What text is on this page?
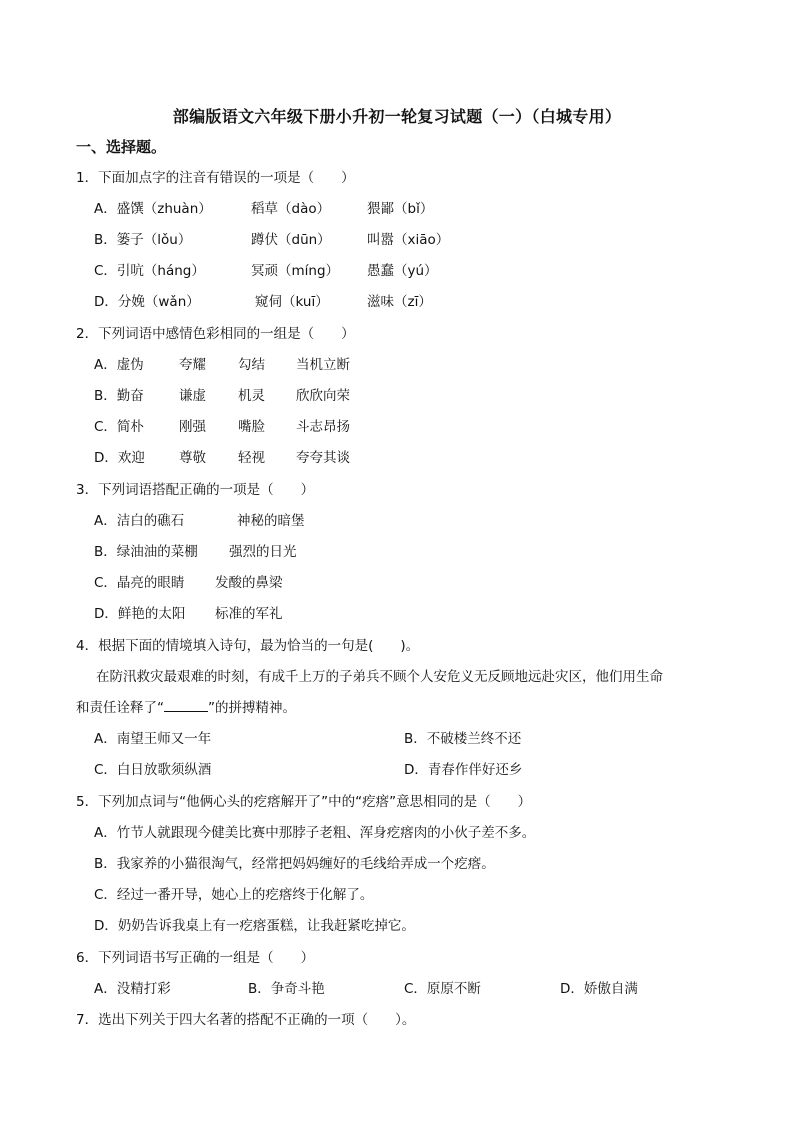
部编版语文六年级下册小升初一轮复习试题（一）（白城专用）
一、选择题。
1．下面加点字的注音有错误的一项是（　　）
A．盛馔（zhuàn）	稻草（dào）	猥鄙（bǐ）
B．篓子（lǒu）	蹲伏（dūn）	叫嚣（xiāo）
C．引吭（háng）	冥顽（míng） 愚蠢（yú）
D．分娩（wǎn）	窥伺（kuī）	滋味（zī）
2．下列词语中感情色彩相同的一组是（　　）
A．虚伪	夸耀 勾结 当机立断
B．勤奋	谦虚 机灵 欣欣向荣
C．简朴	刚强 嘴脸 斗志昂扬
D．欢迎	尊敬 轻视 夸夸其谈
3．下列词语搭配正确的一项是（　　）
A．洁白的礁石	神秘的暗堡
B．绿油油的菜棚 强烈的日光
C．晶亮的眼睛 发酸的鼻梁
D．鲜艳的太阳 标准的军礼
4．根据下面的情境填入诗句，最为恰当的一句是(　　)。
在防汛救灾最艰难的时刻，有成千上万的子弟兵不顾个人安危义无反顾地远赴灾区，他们用生命
和责任诠释了“	”的拼搏精神。
A．南望王师又一年	B．不破楼兰终不还
C．白日放歌须纵酒	D．青春作伴好还乡
5．下列加点词与“他俩心头的疙瘩解开了”中的“疙瘩”意思相同的是（　　）
A．竹节人就跟现今健美比赛中那脖子老粗、浑身疙瘩肉的小伙子差不多。
B．我家养的小猫很淘气，经常把妈妈缠好的毛线给弄成一个疙瘩。
C．经过一番开导，她心上的疙瘩终于化解了。
D．奶奶告诉我桌上有一疙瘩蛋糕，让我赶紧吃掉它。
6．下列词语书写正确的一组是（　　）
A．没精打彩	B．争奇斗艳	C．原原不断	D．娇傲自满
7．选出下列关于四大名著的搭配不正确的一项（　　）。
